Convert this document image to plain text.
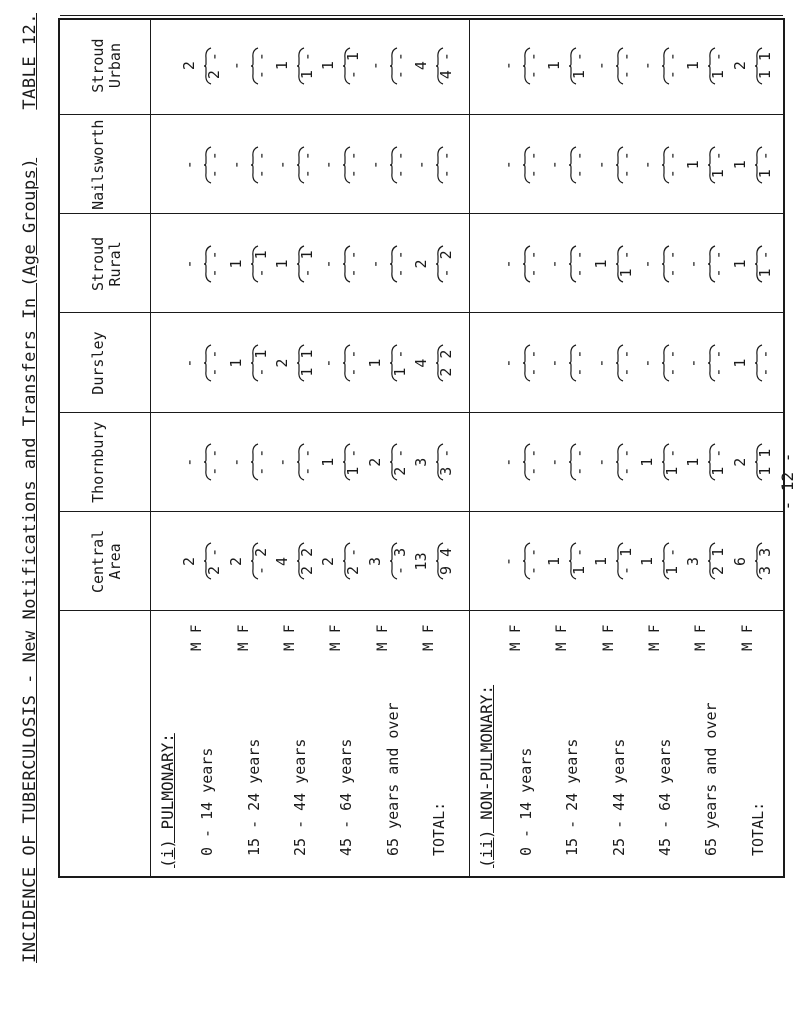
INCIDENCE OF TUBERCULOSIS - New Notifications and Transfers In (Age Groups)
TABLE 12.
Central Area
Thornbury
Dursley
Stroud Rural
Nailsworth
Stroud Urban
(i) PULMONARY: 0 - 14 years
M
F
2
2 -
-
- -
-
- -
-
- -
-
- -
2
2 -
15 - 24 years
M
F
2
- 2
-
- -
1
- 1
1
- 1
-
- -
-
- -
25 - 44 years
M
F
4
2 2
-
- -
2
1 1
1
- 1
-
- -
1
1 -
45 - 64 years
M
F
2
2 -
1
1 -
-
- -
-
- -
-
- -
1
- 1
65 years and over
M
F
3
- 3
2
2 -
1
1 -
-
- -
-
- -
-
- -
TOTAL:
M
F
13 9 4
3
3 -
4
2 2
2
- 2
-
- -
4
4 -
(ii) NON-PULMONARY: 0 - 14 years
M
F
-
- -
-
- -
-
- -
-
- -
-
- -
-
- -
15 - 24 years
M
F
1
1 -
-
- -
-
- -
-
- -
-
- -
1
1 -
25 - 44 years
M
F
1
- 1
-
- -
-
- -
1
1 -
-
- -
-
- -
45 - 64 years
M
F
1
1 -
1
1 -
-
- -
-
- -
-
- -
-
- -
65 years and over
M
F
3
2 1
1
1 -
-
- -
-
- -
1
1 -
1
1 -
TOTAL:
M
F
6
3 3
2
1 1
1
- -
1
1 -
1
1 -
2
1 1
- 12 -
